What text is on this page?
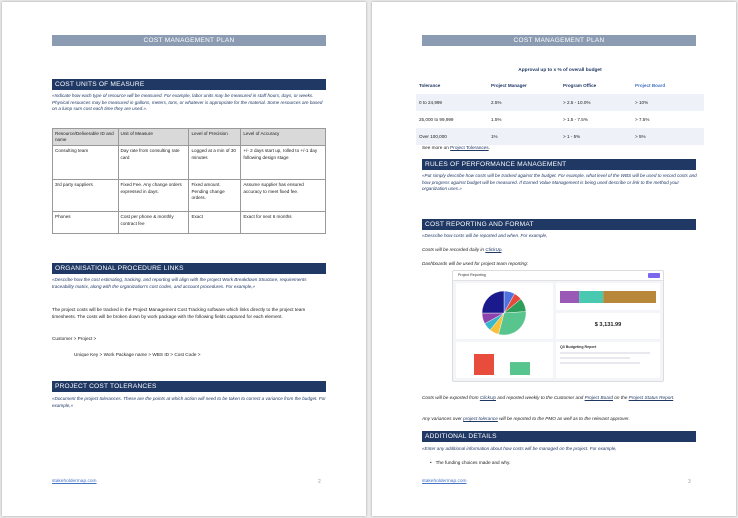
COST MANAGEMENT PLAN
COST UNITS OF MEASURE
«Indicate how each type of resource will be measured. For example, labor units may be measured in staff hours, days, or weeks. Physical resources may be measured in gallons, meters, tons, or whatever is appropriate for the material. Some resources are based on a lump sum cost each time they are used.».
Resource/Deliverable ID and name	Unit of Measure	Level of Precision	Level of Accuracy
Consulting team	Day rate from consulting rate card	Logged at a min of 30 minutes	+/- 2 days start up, rolled to +/-1 day following design stage
3rd party suppliers	Fixed Fee. Any change orders expressed in days.	Fixed amount. Pending change orders.	Assume supplier has ensured accuracy to meet fixed fee.
Phones	Cost per phone & monthly contract fee	Exact	Exact for next 6 months
ORGANISATIONAL PROCEDURE LINKS
«Describe how the cost estimating, tracking, and reporting will align with the project Work Breakdown Structure, requirements traceability matrix, along with the organization's cost codes, and account procedures. For example,»
The project costs will be tracked in the Project Management Cost Tracking software which links directly to the project team timesheets. The costs will be broken down by work package with the following fields captured for each element.
Customer > Project >
Unique Key > Work Package name > WBS ID > Cost Code >
PROJECT COST TOLERANCES
«Document the project tolerances. These are the points at which action will need to be taken to correct a variance from the budget. For example,»
stakeholdermap.com	2
COST MANAGEMENT PLAN
Approval up to x % of overall budget
Tolerance	Project Manager	Program Office	Project Board
0 to 24,999	2.5%	> 2.5 - 10.0%	> 10%
25,000 to 99,999	1.5%	> 1.5 - 7.5%	> 7.5%
Over 100,000	1%	> 1 - 5%	> 5%
See more on Project Tolerances.
RULES OF PERFORMANCE MANAGEMENT
«Put simply describe how costs will be tracked against the budget. For example, what level of the WBS will be used to record costs and how progress against budget will be measured. If Earned Value Management is being used describe or link to the method your organization uses.»
COST REPORTING AND FORMAT
«Describe how costs will be reported and when. For example,
Costs will be recorded daily in ClickUp.
Dashboards will be used for project team reporting:
Project Reporting
$ 3,131.99
Q3 Budgeting Report
Costs will be exported from ClickUp and reported weekly to the Customer and Project Board on the Project Status Report.
Any variances over project tolerance will be reported to the PMO as well as to the relevant approver.
ADDITIONAL DETAILS
«Enter any additional information about how costs will be managed on the project. For example,
•   The funding choices made and why.
stakeholdermap.com	3
